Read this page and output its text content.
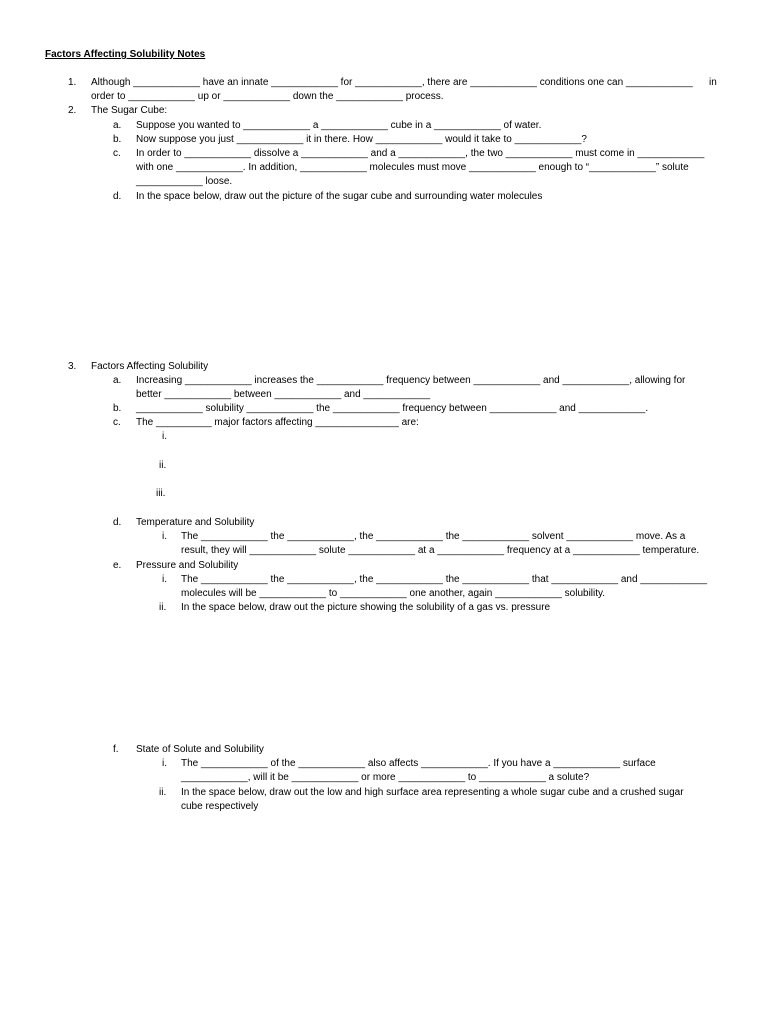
Factors Affecting Solubility Notes
1. Although ____________ have an innate ____________ for ____________, there are ____________ conditions one can ____________ in
order to ____________ up or ____________ down the ____________ process.
2. The Sugar Cube:
a. Suppose you wanted to ____________ a ____________ cube in a ____________ of water.
b. Now suppose you just ____________ it in there. How ____________ would it take to ____________?
c. In order to ____________ dissolve a ____________ and a ____________, the two ____________ must come in ____________
with one ____________. In addition, ____________ molecules must move ____________ enough to “____________” solute
____________ loose.
d. In the space below, draw out the picture of the sugar cube and surrounding water molecules
3. Factors Affecting Solubility
a. Increasing ____________ increases the ____________ frequency between ____________ and ____________, allowing for
better ____________ between ____________ and ____________
b. ____________ solubility ____________ the ____________ frequency between ____________ and ____________.
c. The __________ major factors affecting _______________ are:
i.
ii.
iii.
d. Temperature and Solubility
i. The ____________ the ____________, the ____________ the ____________ solvent ____________ move. As a
result, they will ____________ solute ____________ at a ____________ frequency at a ____________ temperature.
e. Pressure and Solubility
i. The ____________ the ____________, the ____________ the ____________ that ____________ and ____________
molecules will be ____________ to ____________ one another, again ____________ solubility.
ii. In the space below, draw out the picture showing the solubility of a gas vs. pressure
f. State of Solute and Solubility
i. The ____________ of the ____________ also affects ____________. If you have a ____________ surface
____________, will it be ____________ or more ____________ to ____________ a solute?
ii. In the space below, draw out the low and high surface area representing a whole sugar cube and a crushed sugar
cube respectively
